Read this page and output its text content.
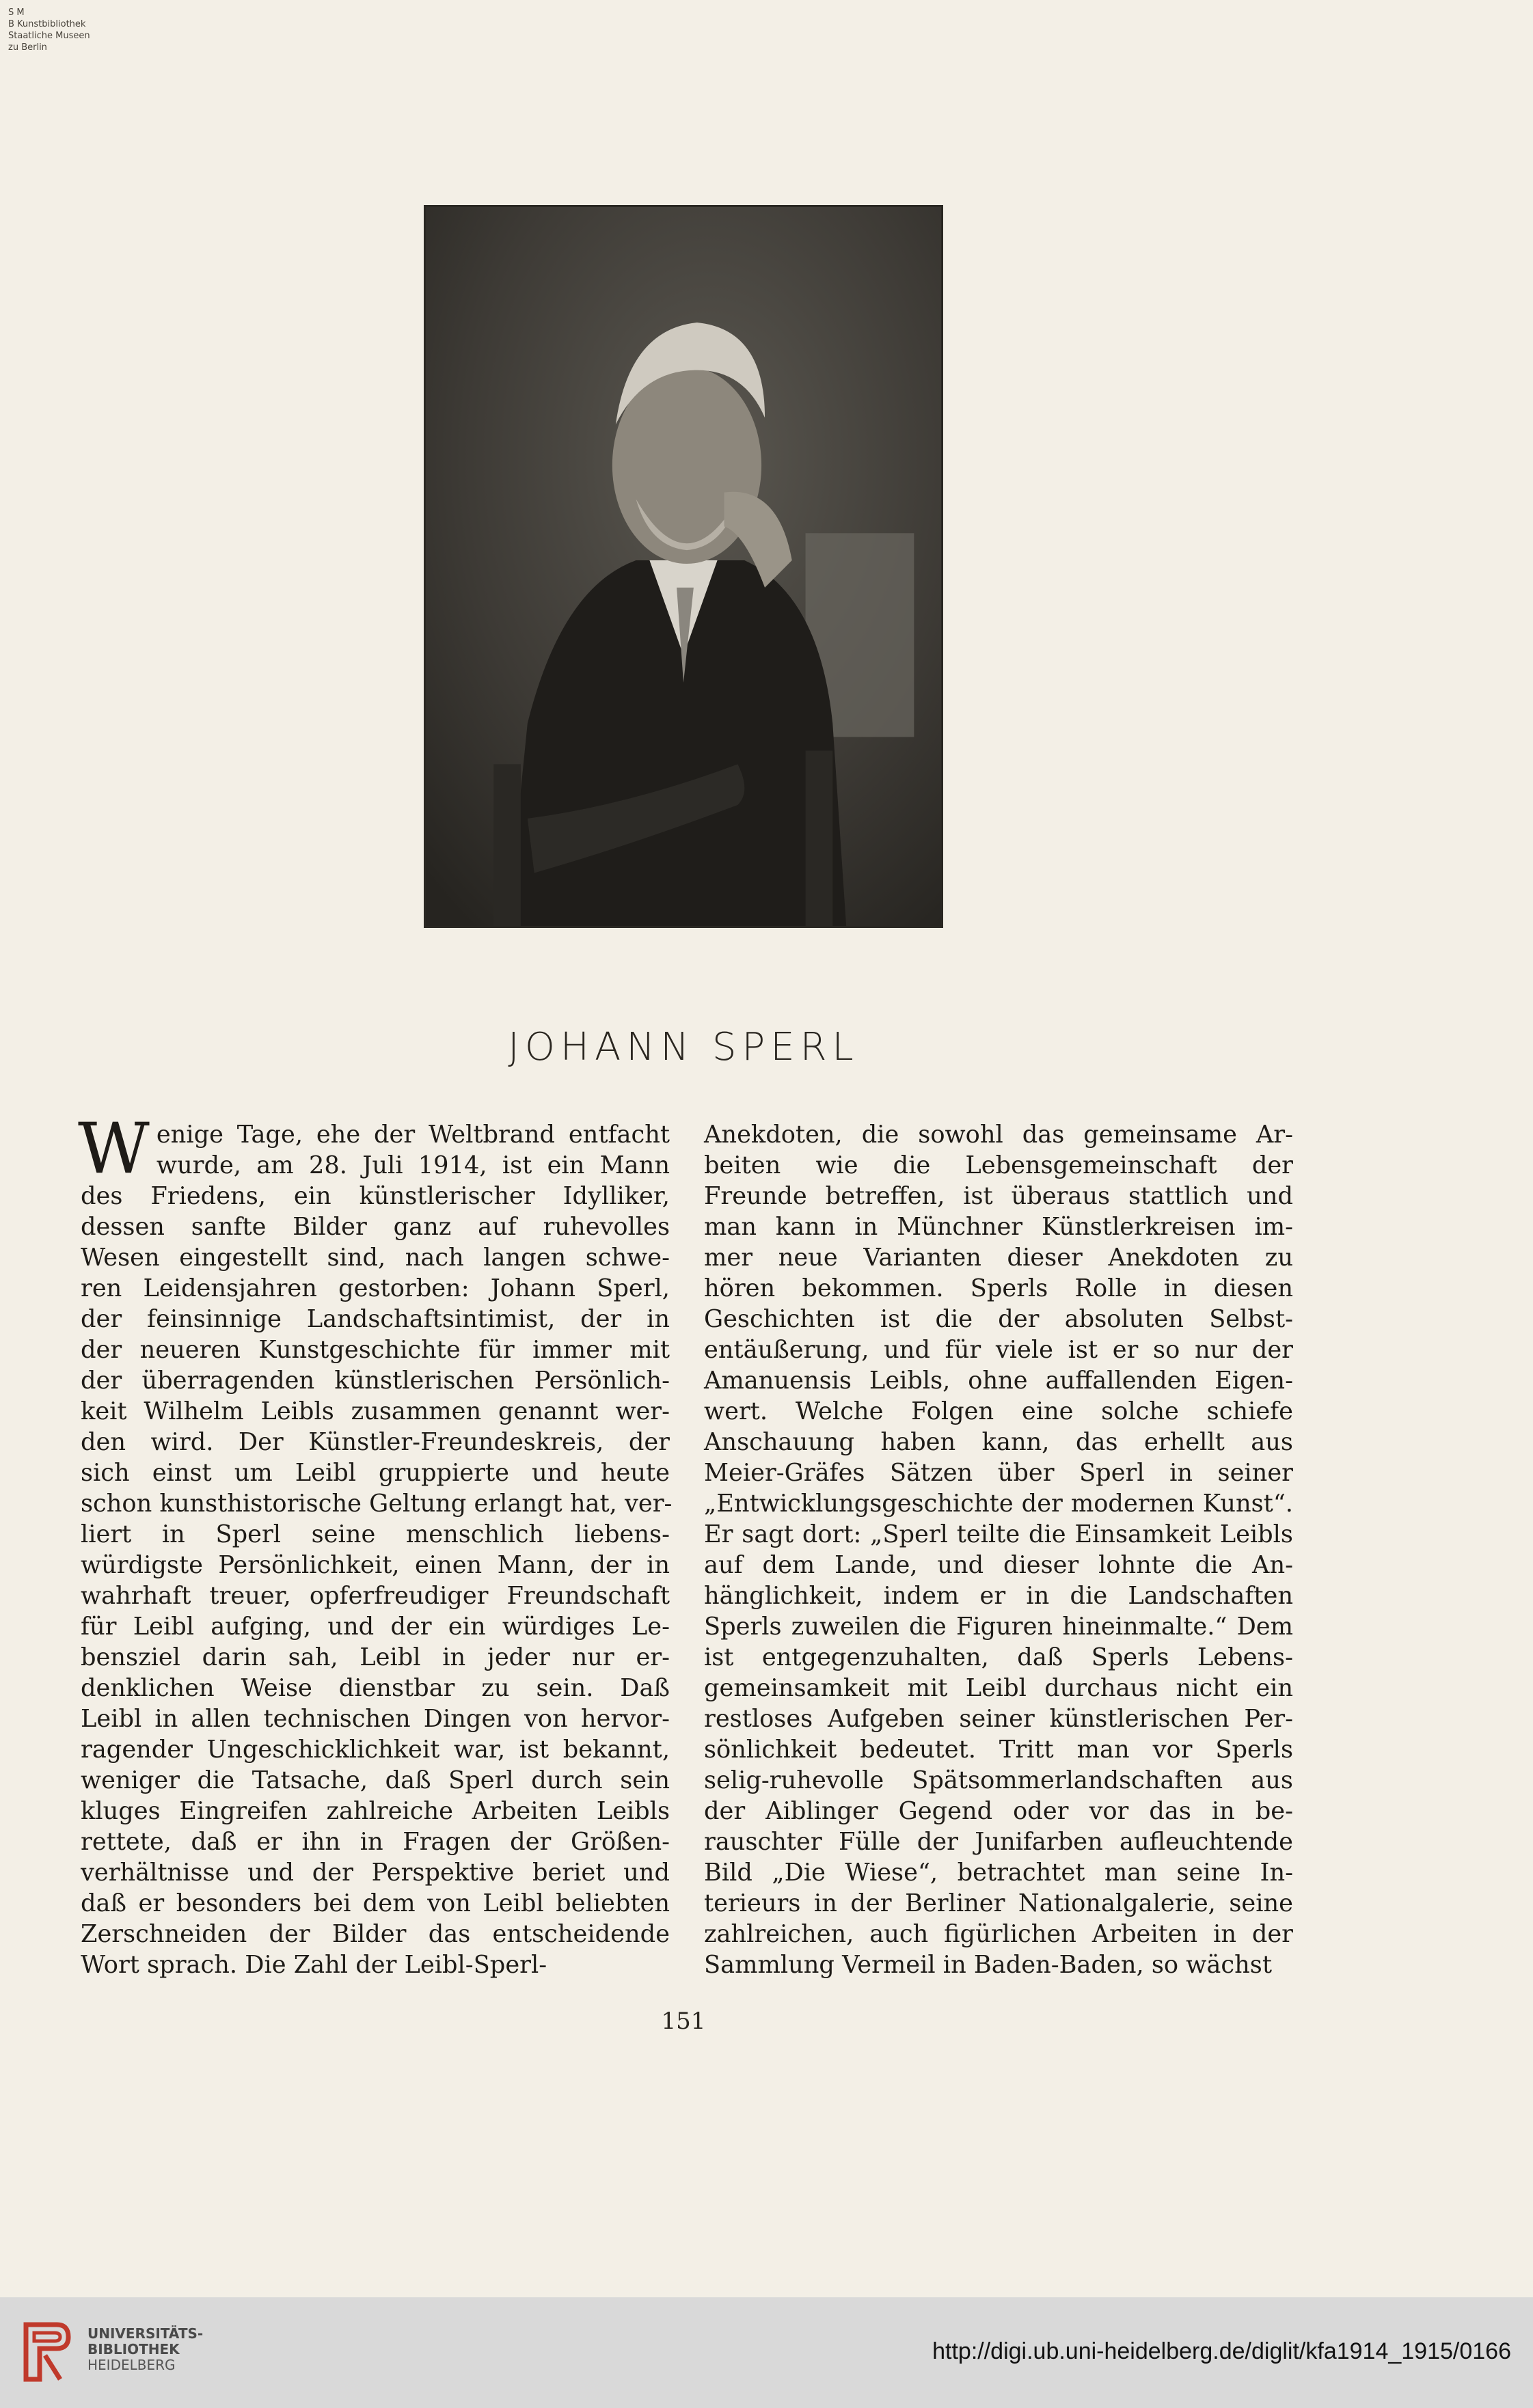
S M
B Kunstbibliothek
Staatliche Museen
zu Berlin
JOHANN SPERL
W enige Tage, ehe der Weltbrand entfacht
wurde, am 28. Juli 1914, ist ein Mann
des Friedens, ein künstlerischer Idylliker,
dessen sanfte Bilder ganz auf ruhevolles
Wesen eingestellt sind, nach langen schwe-
ren Leidensjahren gestorben: Johann Sperl,
der feinsinnige Landschaftsintimist, der in
der neueren Kunstgeschichte für immer mit
der überragenden künstlerischen Persönlich-
keit Wilhelm Leibls zusammen genannt wer-
den wird. Der Künstler-Freundeskreis, der
sich einst um Leibl gruppierte und heute
schon kunsthistorische Geltung erlangt hat, ver-
liert in Sperl seine menschlich liebens-
würdigste Persönlichkeit, einen Mann, der in
wahrhaft treuer, opferfreudiger Freundschaft
für Leibl aufging, und der ein würdiges Le-
bensziel darin sah, Leibl in jeder nur er-
denklichen Weise dienstbar zu sein. Daß
Leibl in allen technischen Dingen von hervor-
ragender Ungeschicklichkeit war, ist bekannt,
weniger die Tatsache, daß Sperl durch sein
kluges Eingreifen zahlreiche Arbeiten Leibls
rettete, daß er ihn in Fragen der Größen-
verhältnisse und der Perspektive beriet und
daß er besonders bei dem von Leibl beliebten
Zerschneiden der Bilder das entscheidende
Wort sprach. Die Zahl der Leibl-Sperl-
Anekdoten, die sowohl das gemeinsame Ar-
beiten wie die Lebensgemeinschaft der
Freunde betreffen, ist überaus stattlich und
man kann in Münchner Künstlerkreisen im-
mer neue Varianten dieser Anekdoten zu
hören bekommen. Sperls Rolle in diesen
Geschichten ist die der absoluten Selbst-
entäußerung, und für viele ist er so nur der
Amanuensis Leibls, ohne auffallenden Eigen-
wert. Welche Folgen eine solche schiefe
Anschauung haben kann, das erhellt aus
Meier-Gräfes Sätzen über Sperl in seiner
„Entwicklungsgeschichte der modernen Kunst“.
Er sagt dort: „Sperl teilte die Einsamkeit Leibls
auf dem Lande, und dieser lohnte die An-
hänglichkeit, indem er in die Landschaften
Sperls zuweilen die Figuren hineinmalte.“ Dem
ist entgegenzuhalten, daß Sperls Lebens-
gemeinsamkeit mit Leibl durchaus nicht ein
restloses Aufgeben seiner künstlerischen Per-
sönlichkeit bedeutet. Tritt man vor Sperls
selig-ruhevolle Spätsommerlandschaften aus
der Aiblinger Gegend oder vor das in be-
rauschter Fülle der Junifarben aufleuchtende
Bild „Die Wiese“, betrachtet man seine In-
terieurs in der Berliner Nationalgalerie, seine
zahlreichen, auch figürlichen Arbeiten in der
Sammlung Vermeil in Baden-Baden, so wächst
151
UNIVERSITÄTS-
BIBLIOTHEK
HEIDELBERG
http://digi.ub.uni-heidelberg.de/diglit/kfa1914_1915/0166
